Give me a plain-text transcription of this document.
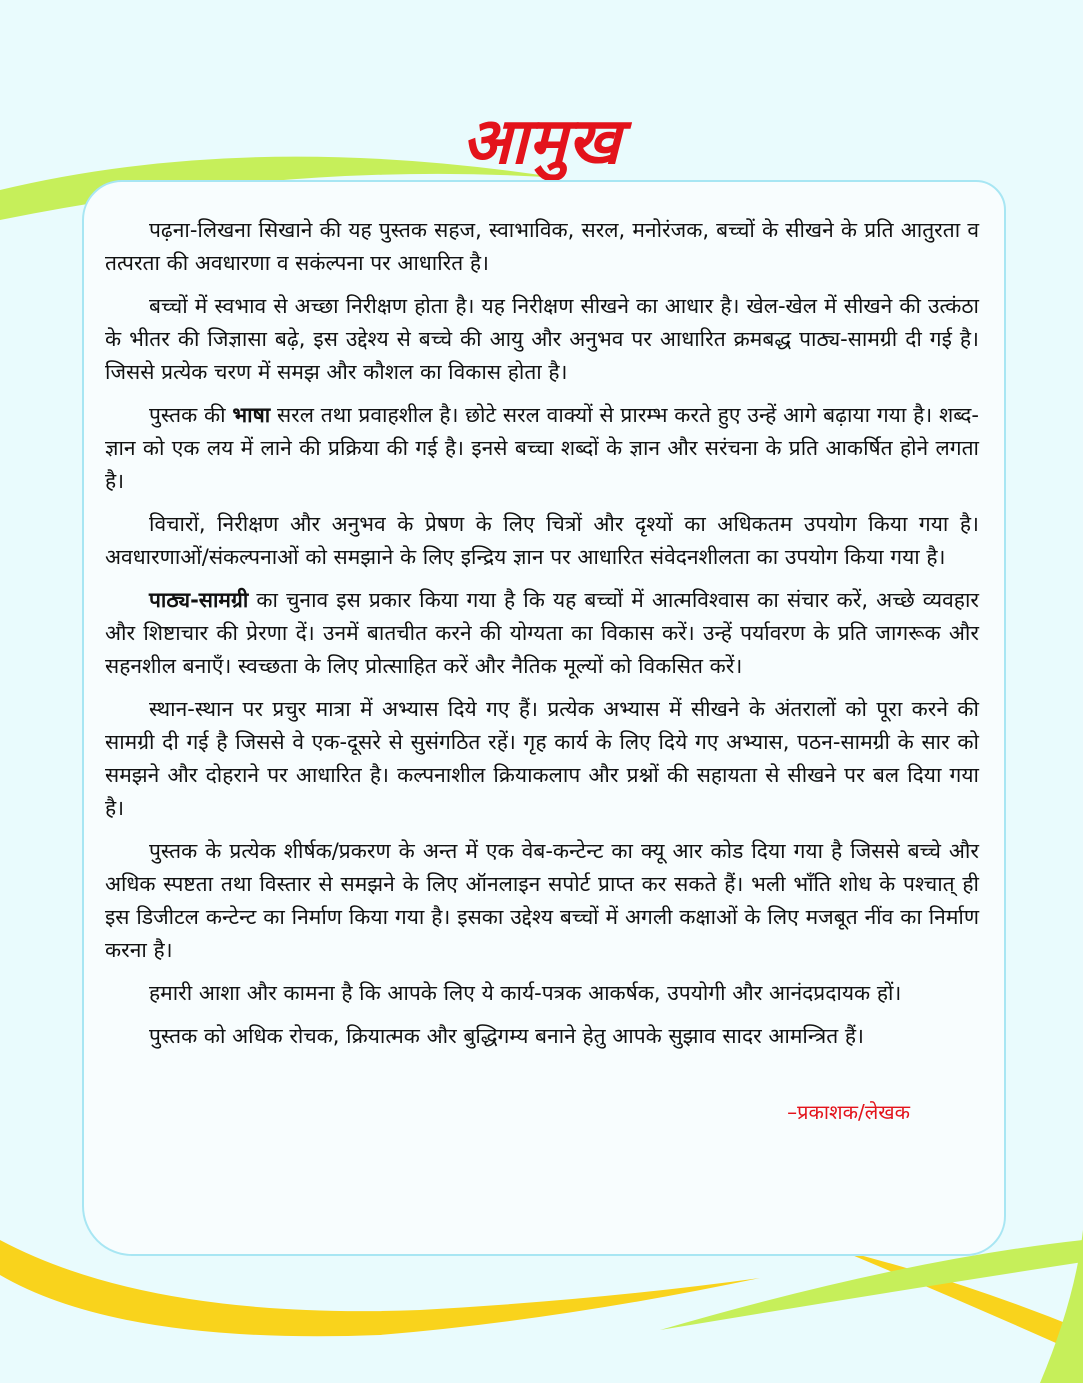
आमुख

पढ़ना-लिखना सिखाने की यह पुस्तक सहज, स्वाभाविक, सरल, मनोरंजक, बच्चों के सीखने के प्रति आतुरता व तत्परता की अवधारणा व सकंल्पना पर आधारित है।

बच्चों में स्वभाव से अच्छा निरीक्षण होता है। यह निरीक्षण सीखने का आधार है। खेल-खेल में सीखने की उत्कंठा के भीतर की जिज्ञासा बढ़े, इस उद्देश्य से बच्चे की आयु और अनुभव पर आधारित क्रमबद्ध पाठ्य-सामग्री दी गई है। जिससे प्रत्येक चरण में समझ और कौशल का विकास होता है।

पुस्तक की भाषा सरल तथा प्रवाहशील है। छोटे सरल वाक्यों से प्रारम्भ करते हुए उन्हें आगे बढ़ाया गया है। शब्द-ज्ञान को एक लय में लाने की प्रक्रिया की गई है। इनसे बच्चा शब्दों के ज्ञान और सरंचना के प्रति आकर्षित होने लगता है।

विचारों, निरीक्षण और अनुभव के प्रेषण के लिए चित्रों और दृश्यों का अधिकतम उपयोग किया गया है। अवधारणाओं/संकल्पनाओं को समझाने के लिए इन्द्रिय ज्ञान पर आधारित संवेदनशीलता का उपयोग किया गया है।

पाठ्य-सामग्री का चुनाव इस प्रकार किया गया है कि यह बच्चों में आत्मविश्वास का संचार करें, अच्छे व्यवहार और शिष्टाचार की प्रेरणा दें। उनमें बातचीत करने की योग्यता का विकास करें। उन्हें पर्यावरण के प्रति जागरूक और सहनशील बनाएँ। स्वच्छता के लिए प्रोत्साहित करें और नैतिक मूल्यों को विकसित करें।

स्थान-स्थान पर प्रचुर मात्रा में अभ्यास दिये गए हैं। प्रत्येक अभ्यास में सीखने के अंतरालों को पूरा करने की सामग्री दी गई है जिससे वे एक-दूसरे से सुसंगठित रहें। गृह कार्य के लिए दिये गए अभ्यास, पठन-सामग्री के सार को समझने और दोहराने पर आधारित है। कल्पनाशील क्रियाकलाप और प्रश्नों की सहायता से सीखने पर बल दिया गया है।

पुस्तक के प्रत्येक शीर्षक/प्रकरण के अन्त में एक वेब-कन्टेन्ट का क्यू आर कोड दिया गया है जिससे बच्चे और अधिक स्पष्टता तथा विस्तार से समझने के लिए ऑनलाइन सपोर्ट प्राप्त कर सकते हैं। भली भाँति शोध के पश्चात् ही इस डिजीटल कन्टेन्ट का निर्माण किया गया है। इसका उद्देश्य बच्चों में अगली कक्षाओं के लिए मजबूत नींव का निर्माण करना है।

हमारी आशा और कामना है कि आपके लिए ये कार्य-पत्रक आकर्षक, उपयोगी और आनंदप्रदायक हों।

पुस्तक को अधिक रोचक, क्रियात्मक और बुद्धिगम्य बनाने हेतु आपके सुझाव सादर आमन्त्रित हैं।

–प्रकाशक/लेखक
